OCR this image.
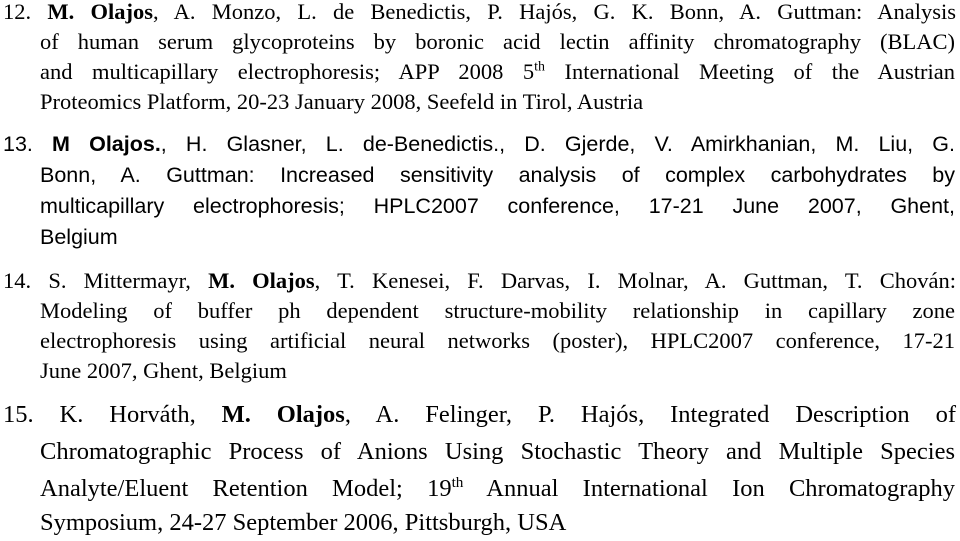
12. M. Olajos, A. Monzo, L. de Benedictis, P. Hajós, G. K. Bonn, A. Guttman: Analysis
of human serum glycoproteins by boronic acid lectin affinity chromatography (BLAC)
and multicapillary electrophoresis; APP 2008 5th International Meeting of the Austrian
Proteomics Platform, 20-23 January 2008, Seefeld in Tirol, Austria
13. M Olajos., H. Glasner, L. de-Benedictis., D. Gjerde, V. Amirkhanian, M. Liu, G.
Bonn, A. Guttman: Increased sensitivity analysis of complex carbohydrates by
multicapillary electrophoresis; HPLC2007 conference, 17-21 June 2007, Ghent,
Belgium
14. S. Mittermayr, M. Olajos, T. Kenesei, F. Darvas, I. Molnar, A. Guttman, T. Chován:
Modeling of buffer ph dependent structure-mobility relationship in capillary zone
electrophoresis using artificial neural networks (poster), HPLC2007 conference, 17-21
June 2007, Ghent, Belgium
15. K. Horváth, M. Olajos, A. Felinger, P. Hajós, Integrated Description of
Chromatographic Process of Anions Using Stochastic Theory and Multiple Species
Analyte/Eluent Retention Model; 19th Annual International Ion Chromatography
Symposium, 24-27 September 2006, Pittsburgh, USA
